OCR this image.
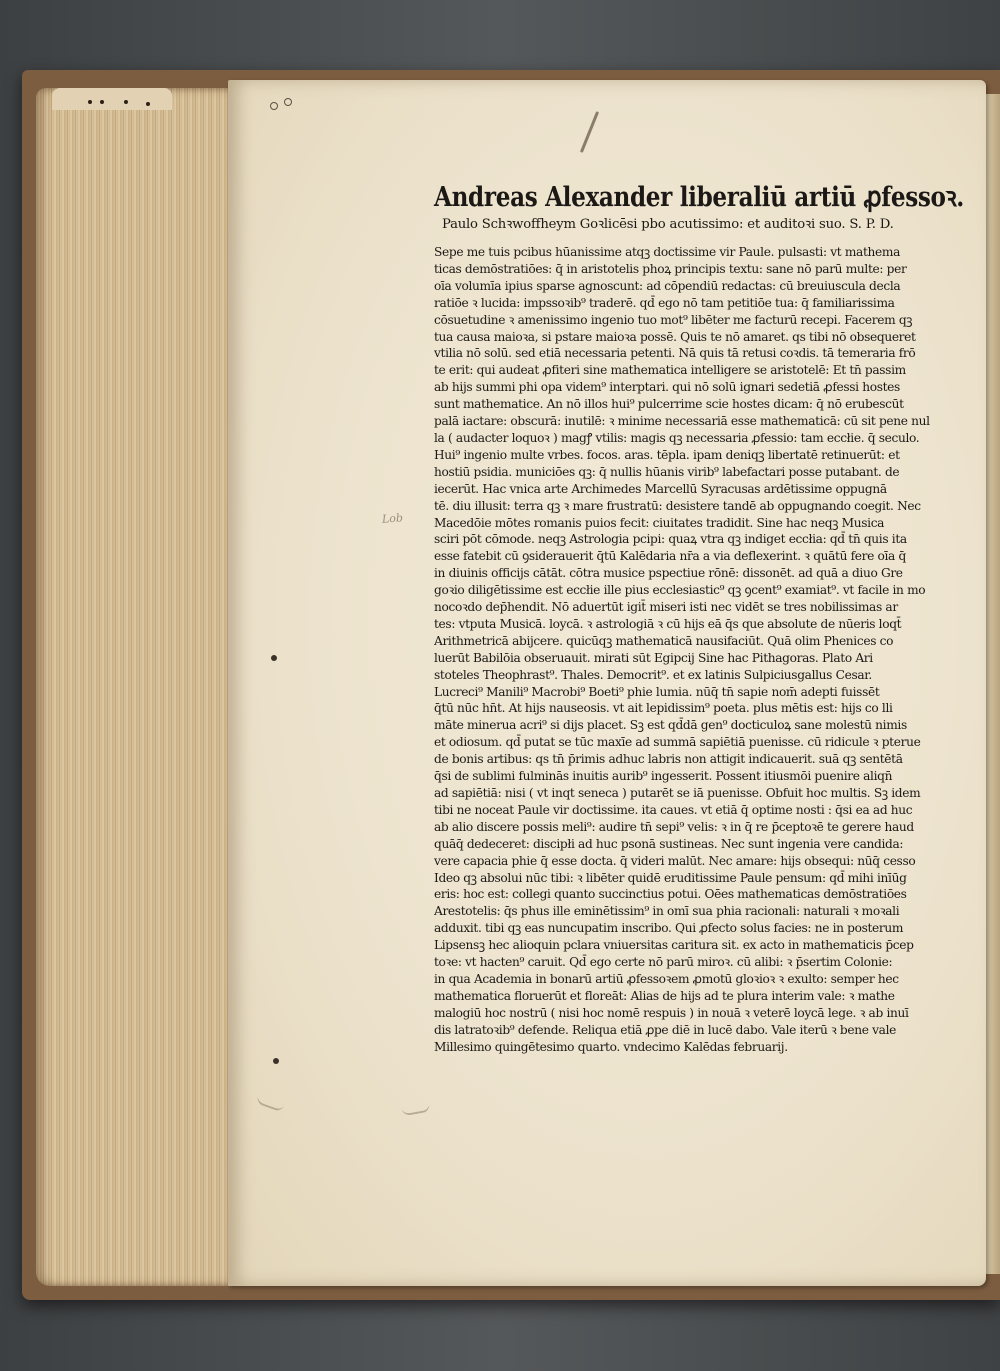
Lob
Andreas Alexander liberaliū artiū ꝓfessoꝛ.
Paulo Schꝛwoffheym Goꝛlicēsi pbo acutissimo: et auditoꝛi suo. S. P. D.
Sepe me tuis pcibus hūanissime atqꝫ doctissime vir Paule. pulsasti: vt mathema
ticas demōstratiōes: q̄ in aristotelis phoꝝ principis textu: sane nō parū multe: per
oīa volumīa ipius sparse agnoscunt: ad cōpendiū redactas: cū breuiuscula decla
ratiōe ꝛ lucida: impssoꝛib⁹ traderē. qd̄ ego nō tam petitiōe tua: q̄ familiarissima
cōsuetudine ꝛ amenissimo ingenio tuo mot⁹ libēter me facturū recepi. Facerem qꝫ
tua causa maioꝛa, si pstare maioꝛa possē. Quis te nō amaret. qs tibi nō obsequeret
vtilia nō solū. sed etiā necessaria petenti. Nā quis tā retusi coꝛdis. tā temeraria frō
te erit: qui audeat ꝓfiteri sine mathematica intelligere se aristotelē: Et tn̄ passim
ab hijs summi phi opa videm⁹ interptari. qui nō solū ignari sedetiā ꝓfessi hostes
sunt mathematice. An nō illos hui⁹ pulcerrime scie hostes dicam: q̄ nō erubescūt
palā iactare: obscurā: inutilē: ꝛ minime necessariā esse mathematicā: cū sit pene nul
la ( audacter loquoꝛ ) magꝭ vtilis: magis qꝫ necessaria ꝓfessio: tam eccłie. q̄ seculo.
Hui⁹ ingenio multe vrbes. focos. aras. tēpla. ipam deniqꝫ libertatē retinuerūt: et
hostiū psidia. municiōes qꝫ: q̄ nullis hūanis virib⁹ labefactari posse putabant. de
iecerūt. Hac vnica arte Archimedes Marcellū Syracusas ardētissime oppugnā
tē. diu illusit: terra qꝫ ꝛ mare frustratū: desistere tandē ab oppugnando coegit. Nec
Macedōie mōtes romanis puios fecit: ciuitates tradidit. Sine hac neqꝫ Musica
sciri pōt cōmode. neqꝫ Astrologia pcipi: quaꝝ vtra qꝫ indiget eccłia: qd̄ tn̄ quis ita
esse fatebit cū ꝯsiderauerit q̄tū Kalēdaria nr̄a a via deflexerint. ꝛ quātū fere oīa q̄
in diuinis officijs cātāt. cōtra musice pspectiue rōnē: dissonēt. ad quā a diuo Gre
goꝛio diligētissime est eccłie ille pius ecclesiastic⁹ qꝫ ꝯcent⁹ examiat⁹. vt facile in mo
nocoꝛdo dep̄hendit. Nō aduertūt igit̄ miseri isti nec vidēt se tres nobilissimas ar
tes: vtputa Musicā. loycā. ꝛ astrologiā ꝛ cū hijs eā q̄s que absolute de nūeris loqt̄
Arithmetricā abijcere. quicūqꝫ mathematicā nausifaciūt. Quā olim Phenices co
luerūt Babilōia obseruauit. mirati sūt Egipcij Sine hac Pithagoras. Plato Ari
stoteles Theophrast⁹. Thales. Democrit⁹. et ex latinis Sulpiciusgallus Cesar.
Lucreci⁹ Manili⁹ Macrobi⁹ Boeti⁹ phie lumia. nūq̄ tn̄ sapie nom̄ adepti fuissēt
q̄tū nūc hn̄t. At hijs nauseosis. vt ait lepidissim⁹ poeta. plus mētis est: hijs co lli
māte minerua acri⁹ si dijs placet. Sꝫ est qd̄dā gen⁹ docticuloꝝ sane molestū nimis
et odiosum. qd̄ putat se tūc maxīe ad summā sapiētiā puenisse. cū ridicule ꝛ pterue
de bonis artibus: qs tn̄ p̄rimis adhuc labris non attigit indicauerit. suā qꝫ sentētā
q̄si de sublimi fulminās inuitis aurib⁹ ingesserit. Possent itiusmōi puenire aliqn̄
ad sapiētiā: nisi ( vt inqt seneca ) putarēt se iā puenisse. Obfuit hoc multis. Sꝫ idem
tibi ne noceat Paule vir doctissime. ita caues. vt etiā q̄ optime nosti : q̄si ea ad huc
ab alio discere possis meli⁹: audire tn̄ sepi⁹ velis: ꝛ in q̄ re p̄ceptoꝛē te gerere haud
quāq̄ dedeceret: discipłi ad huc psonā sustineas. Nec sunt ingenia vere candida:
vere capacia phie q̄ esse docta. q̄ videri malūt. Nec amare: hijs obsequi: nūq̄ cesso
Ideo qꝫ absolui nūc tibi: ꝛ libēter quidē eruditissime Paule pensum: qd̄ mihi inīūg
eris: hoc est: collegi quanto succinctius potui. Oēes mathematicas demōstratiōes
Arestotelis: q̄s phus ille eminētissim⁹ in omī sua phia racionali: naturali ꝛ moꝛali
adduxit. tibi qꝫ eas nuncupatim inscribo. Qui ꝓfecto solus facies: ne in posterum
Lipsensꝫ hec alioquin pclara vniuersitas caritura sit. ex acto in mathematicis p̄cep
toꝛe: vt hacten⁹ caruit. Qd̄ ego certe nō parū miroꝛ. cū alibi: ꝛ p̄sertim Colonie:
in qua Academia in bonarū artiū ꝓfessoꝛem ꝓmotū gloꝛioꝛ ꝛ exulto: semper hec
mathematica floruerūt et floreāt: Alias de hijs ad te plura interim vale: ꝛ mathe
malogiū hoc nostrū ( nisi hoc nomē respuis ) in nouā ꝛ veterē loycā lege. ꝛ ab inuī
dis latratoꝛib⁹ defende. Reliqua etiā ꝓpe diē in lucē dabo. Vale iterū ꝛ bene vale
Millesimo quingētesimo quarto. vndecimo Kalēdas februarij.
